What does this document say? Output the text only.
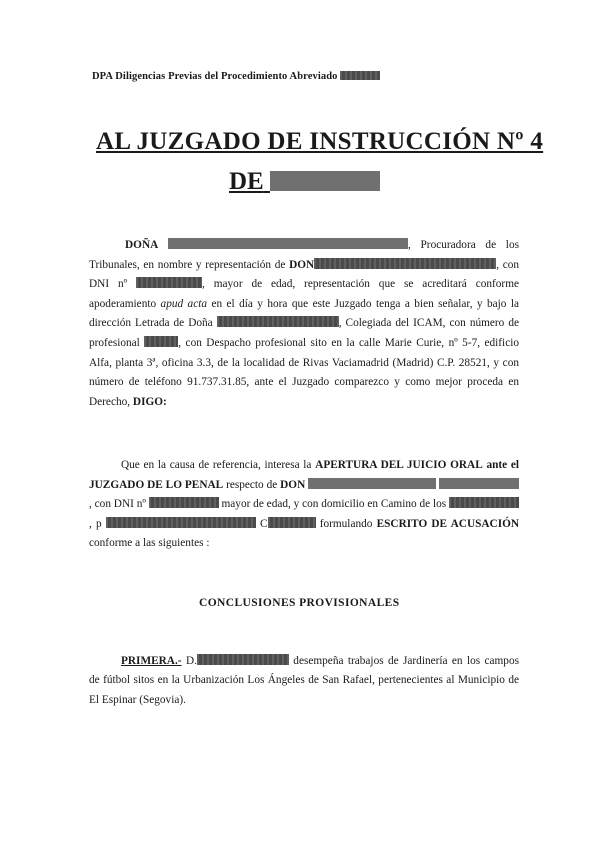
DPA Diligencias Previas del Procedimiento Abreviado
AL JUZGADO DE INSTRUCCIÓN Nº 4
DE
DOÑA	, Procuradora de los Tribunales, en nombre y representación de DON	, con DNI nº	, mayor de edad, representación que se acreditará conforme apoderamiento apud acta en el día y hora que este Juzgado tenga a bien señalar, y bajo la dirección Letrada de Doña	, Colegiada del ICAM, con número de profesional	, con Despacho profesional sito en la calle Marie Curie, nº 5-7, edificio Alfa, planta 3ª, oficina 3.3, de la localidad de Rivas Vaciamadrid (Madrid) C.P. 28521, y con número de teléfono 91.737.31.85, ante el Juzgado comparezco y como mejor proceda en Derecho, DIGO:
Que en la causa de referencia, interesa la APERTURA DEL JUICIO ORAL ante el JUZGADO DE LO PENAL respecto de DON  , con DNI nº	mayor de edad, y con domicilio en Camino de los , p	C	formulando ESCRITO DE ACUSACIÓN conforme a las siguientes :
CONCLUSIONES PROVISIONALES
PRIMERA.- D.	desempeña trabajos de Jardinería en los campos de fútbol sitos en la Urbanización Los Ángeles de San Rafael, pertenecientes al Municipio de El Espinar (Segovia).
